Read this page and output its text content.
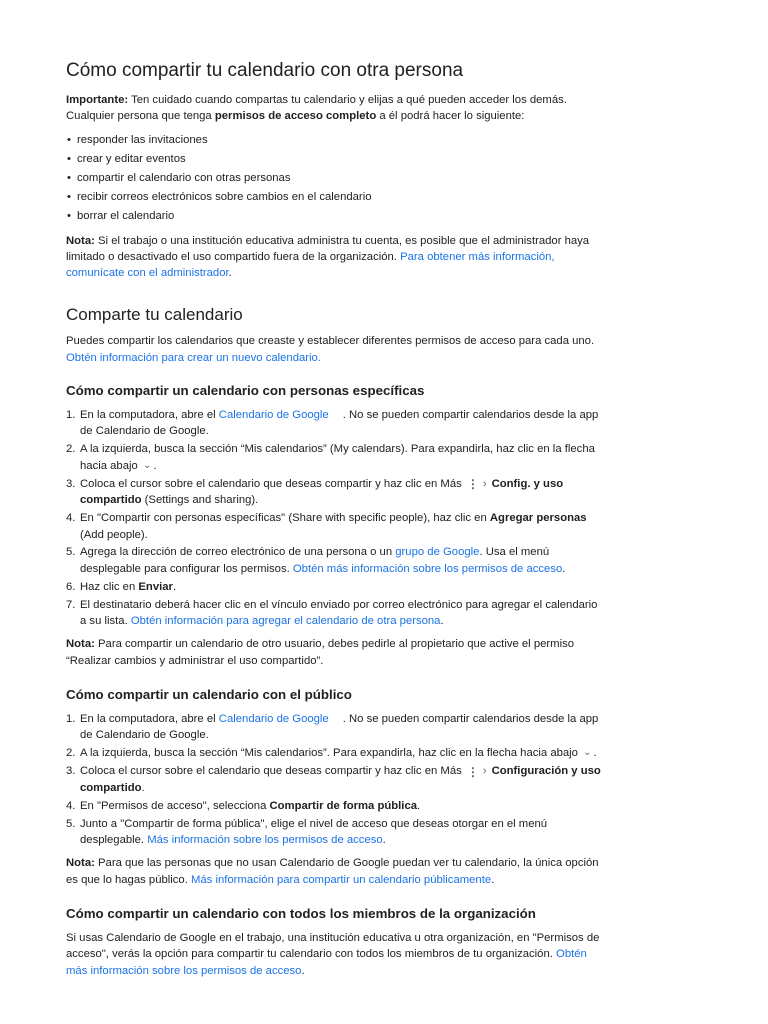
Cómo compartir tu calendario con otra persona

Importante: Ten cuidado cuando compartas tu calendario y elijas a qué pueden acceder los demás. Cualquier persona que tenga permisos de acceso completo a él podrá hacer lo siguiente:

• responder las invitaciones
• crear y editar eventos
• compartir el calendario con otras personas
• recibir correos electrónicos sobre cambios en el calendario
• borrar el calendario

Nota: Si el trabajo o una institución educativa administra tu cuenta, es posible que el administrador haya limitado o desactivado el uso compartido fuera de la organización. Para obtener más información, comunícate con el administrador.

Comparte tu calendario

Puedes compartir los calendarios que creaste y establecer diferentes permisos de acceso para cada uno. Obtén información para crear un nuevo calendario.

Cómo compartir un calendario con personas específicas
1. En la computadora, abre el Calendario de Google . No se pueden compartir calendarios desde la app de Calendario de Google.
2. A la izquierda, busca la sección “Mis calendarios” (My calendars). Para expandirla, haz clic en la flecha hacia abajo ⌄ .
3. Coloca el cursor sobre el calendario que deseas compartir y haz clic en Más ⋮ › Config. y uso compartido (Settings and sharing).
4. En "Compartir con personas específicas" (Share with specific people), haz clic en Agregar personas (Add people).
5. Agrega la dirección de correo electrónico de una persona o un grupo de Google. Usa el menú desplegable para configurar los permisos. Obtén más información sobre los permisos de acceso.
6. Haz clic en Enviar.
7. El destinatario deberá hacer clic en el vínculo enviado por correo electrónico para agregar el calendario a su lista. Obtén información para agregar el calendario de otra persona.

Nota: Para compartir un calendario de otro usuario, debes pedirle al propietario que active el permiso “Realizar cambios y administrar el uso compartido”.

Cómo compartir un calendario con el público
1. En la computadora, abre el Calendario de Google . No se pueden compartir calendarios desde la app de Calendario de Google.
2. A la izquierda, busca la sección “Mis calendarios”. Para expandirla, haz clic en la flecha hacia abajo ⌄ .
3. Coloca el cursor sobre el calendario que deseas compartir y haz clic en Más ⋮ › Configuración y uso compartido.
4. En "Permisos de acceso", selecciona Compartir de forma pública.
5. Junto a "Compartir de forma pública", elige el nivel de acceso que deseas otorgar en el menú desplegable. Más información sobre los permisos de acceso.

Nota: Para que las personas que no usan Calendario de Google puedan ver tu calendario, la única opción es que lo hagas público. Más información para compartir un calendario públicamente.

Cómo compartir un calendario con todos los miembros de la organización

Si usas Calendario de Google en el trabajo, una institución educativa u otra organización, en "Permisos de acceso", verás la opción para compartir tu calendario con todos los miembros de tu organización. Obtén más información sobre los permisos de acceso.
